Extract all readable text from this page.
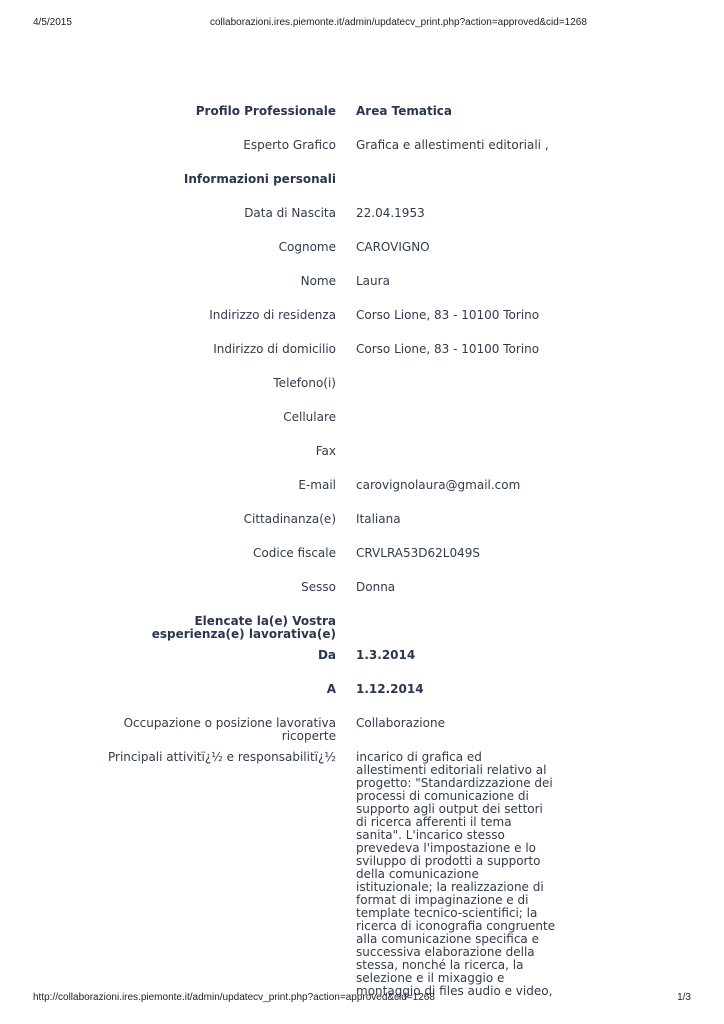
4/5/2015	collaborazioni.ires.piemonte.it/admin/updatecv_print.php?action=approved&cid=1268
Profilo Professionale	Area Tematica
Esperto Grafico	Grafica e allestimenti editoriali ,
Informazioni personali	
Data di Nascita	22.04.1953
Cognome	CAROVIGNO
Nome	Laura
Indirizzo di residenza	Corso Lione, 83 - 10100 Torino
Indirizzo di domicilio	Corso Lione, 83 - 10100 Torino
Telefono(i)	
Cellulare	
Fax	
E-mail	carovignolaura@gmail.com
Cittadinanza(e)	Italiana
Codice fiscale	CRVLRA53D62L049S
Sesso	Donna
Elencate la(e) Vostra esperienza(e) lavorativa(e)	
Da	1.3.2014
A	1.12.2014
Occupazione o posizione lavorativa ricoperte	Collaborazione
Principali attivitï¿½ e responsabilitï¿½	incarico di grafica ed allestimenti editoriali relativo al progetto: "Standardizzazione dei processi di comunicazione di supporto agli output dei settori di ricerca afferenti il tema sanita". L'incarico stesso prevedeva l'impostazione e lo sviluppo di prodotti a supporto della comunicazione istituzionale; la realizzazione di format di impaginazione e di template tecnico-scientifici; la ricerca di iconografia congruente alla comunicazione specifica e successiva elaborazione della stessa, nonché la ricerca, la selezione e il mixaggio e montaggio di files audio e video,
http://collaborazioni.ires.piemonte.it/admin/updatecv_print.php?action=approved&cid=1268	1/3
